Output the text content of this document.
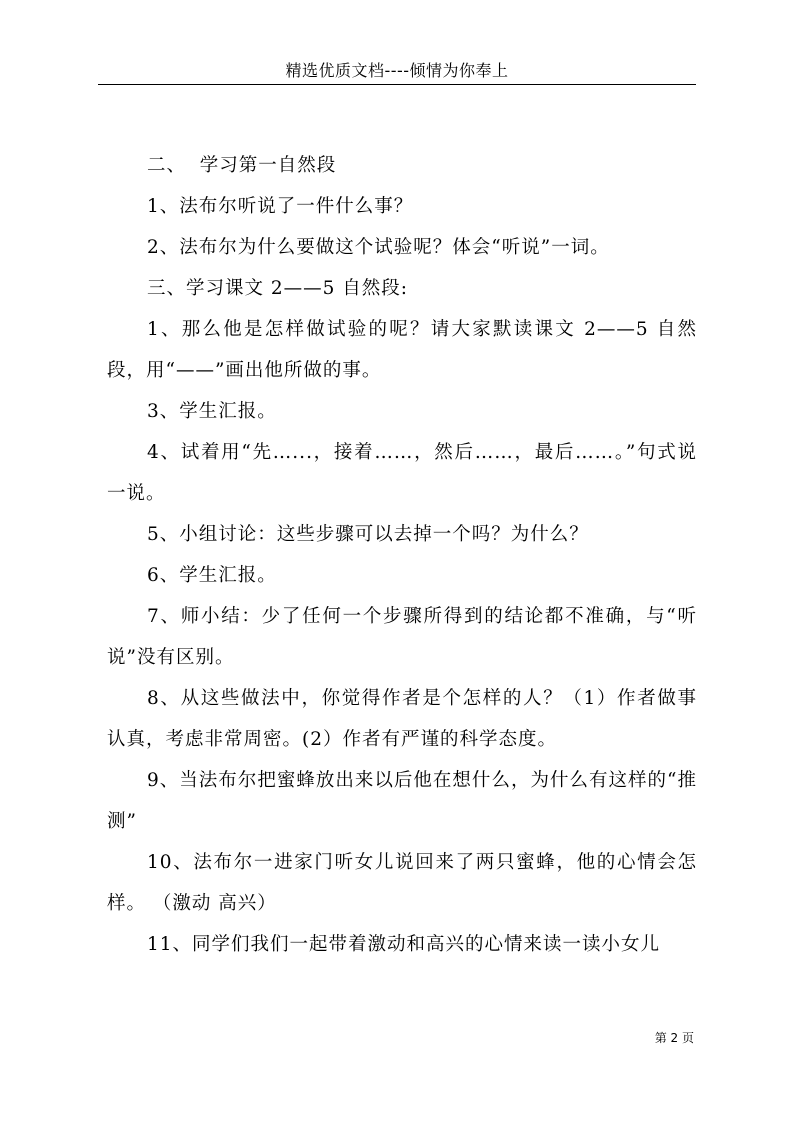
精选优质文档----倾情为你奉上

二、  学习第一自然段

1、法布尔听说了一件什么事？

2、法布尔为什么要做这个试验呢？体会“听说”一词。

三、学习课文 2——5 自然段:

1、那么他是怎样做试验的呢？请大家默读课文 2——5 自然段，用“——”画出他所做的事。

3、学生汇报。

4、试着用“先…...，接着……，然后……，最后……。”句式说一说。

5、小组讨论：这些步骤可以去掉一个吗？为什么？

6、学生汇报。

7、师小结：少了任何一个步骤所得到的结论都不准确，与“听说”没有区别。

8、从这些做法中，你觉得作者是个怎样的人？（1）作者做事认真，考虑非常周密。(2）作者有严谨的科学态度。

9、当法布尔把蜜蜂放出来以后他在想什么，为什么有这样的“推测”

10、法布尔一进家门听女儿说回来了两只蜜蜂，他的心情会怎样。 （激动 高兴）

11、同学们我们一起带着激动和高兴的心情来读一读小女儿

第 2 页
